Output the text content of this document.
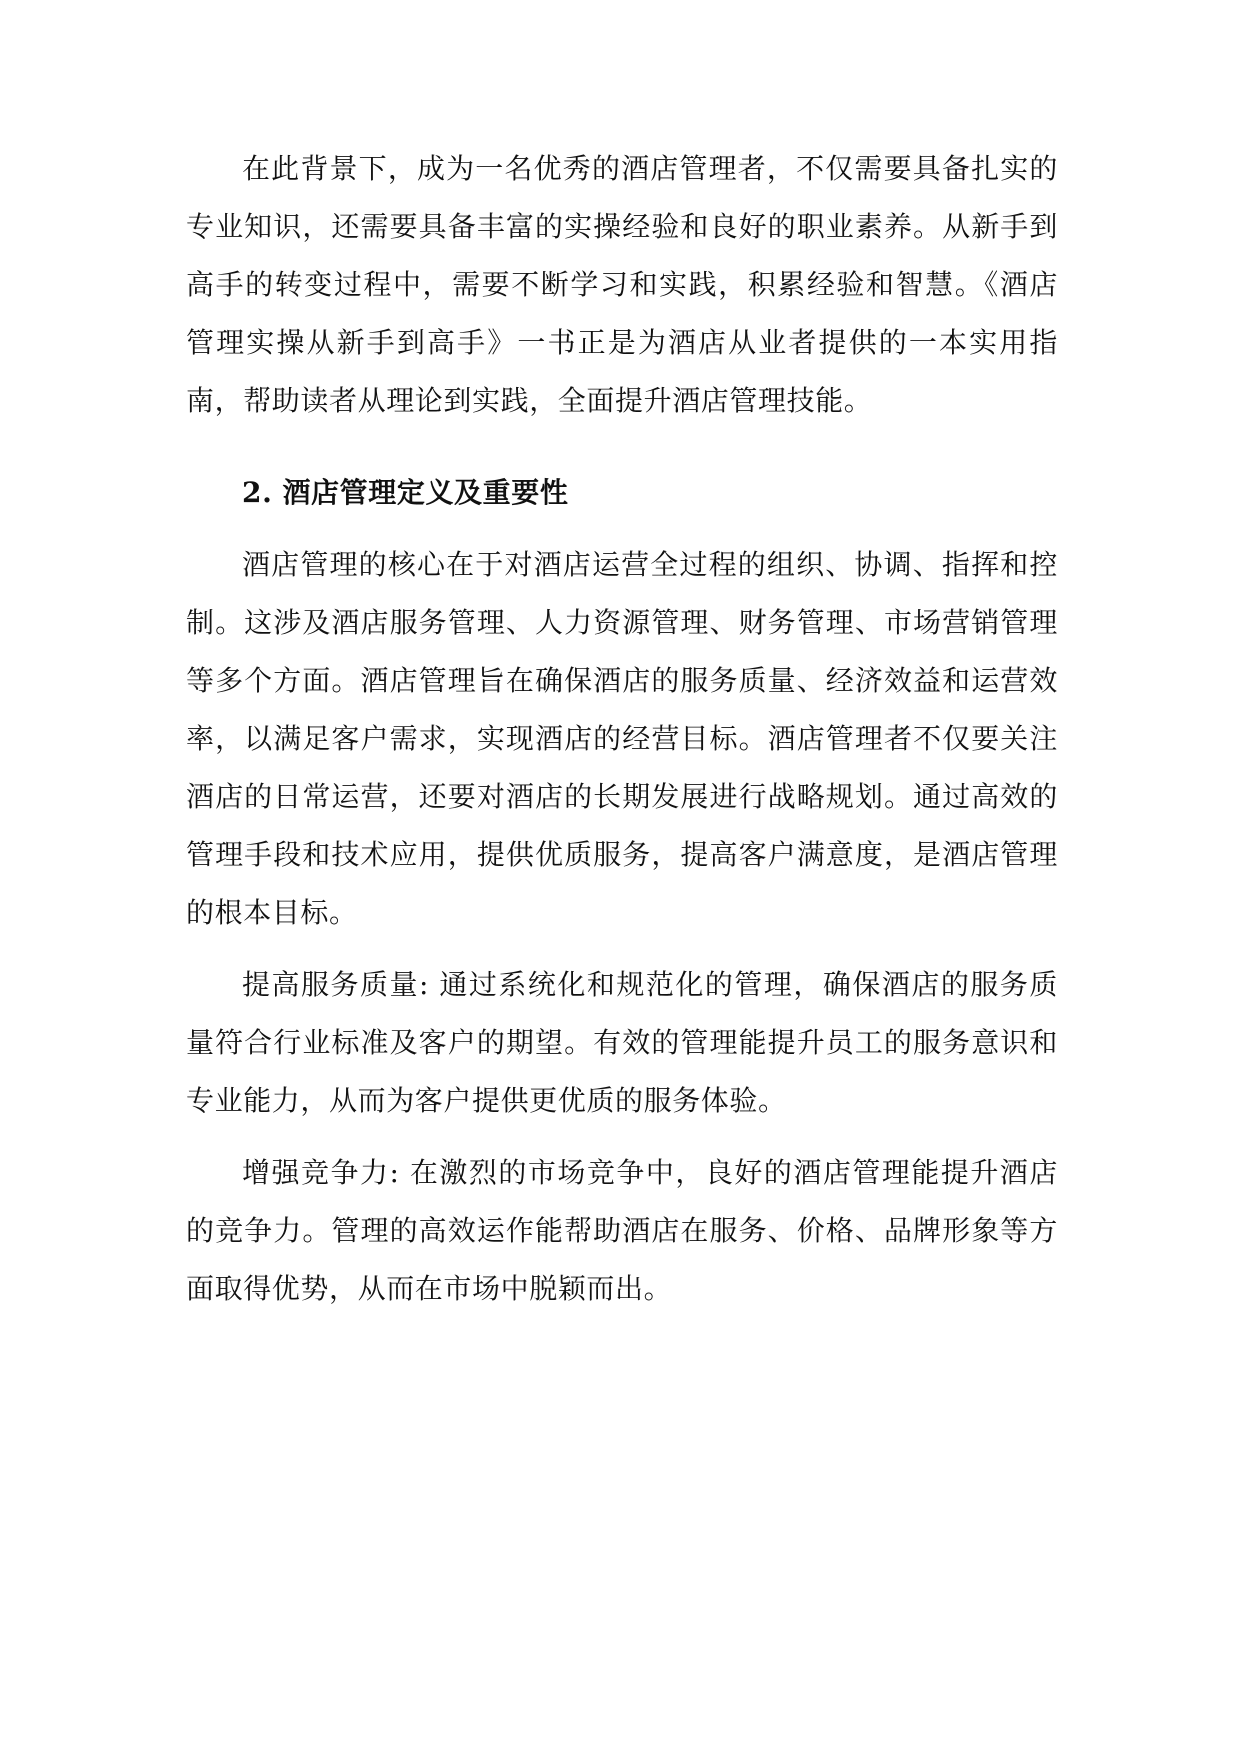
在此背景下，成为一名优秀的酒店管理者，不仅需要具备扎实的专业知识，还需要具备丰富的实操经验和良好的职业素养。从新手到高手的转变过程中，需要不断学习和实践，积累经验和智慧。《酒店管理实操从新手到高手》一书正是为酒店从业者提供的一本实用指南，帮助读者从理论到实践，全面提升酒店管理技能。

2. 酒店管理定义及重要性

酒店管理的核心在于对酒店运营全过程的组织、协调、指挥和控制。这涉及酒店服务管理、人力资源管理、财务管理、市场营销管理等多个方面。酒店管理旨在确保酒店的服务质量、经济效益和运营效率，以满足客户需求，实现酒店的经营目标。酒店管理者不仅要关注酒店的日常运营，还要对酒店的长期发展进行战略规划。通过高效的管理手段和技术应用，提供优质服务，提高客户满意度，是酒店管理的根本目标。

提高服务质量: 通过系统化和规范化的管理，确保酒店的服务质量符合行业标准及客户的期望。有效的管理能提升员工的服务意识和专业能力，从而为客户提供更优质的服务体验。

增强竞争力: 在激烈的市场竞争中，良好的酒店管理能提升酒店的竞争力。管理的高效运作能帮助酒店在服务、价格、品牌形象等方面取得优势，从而在市场中脱颖而出。
